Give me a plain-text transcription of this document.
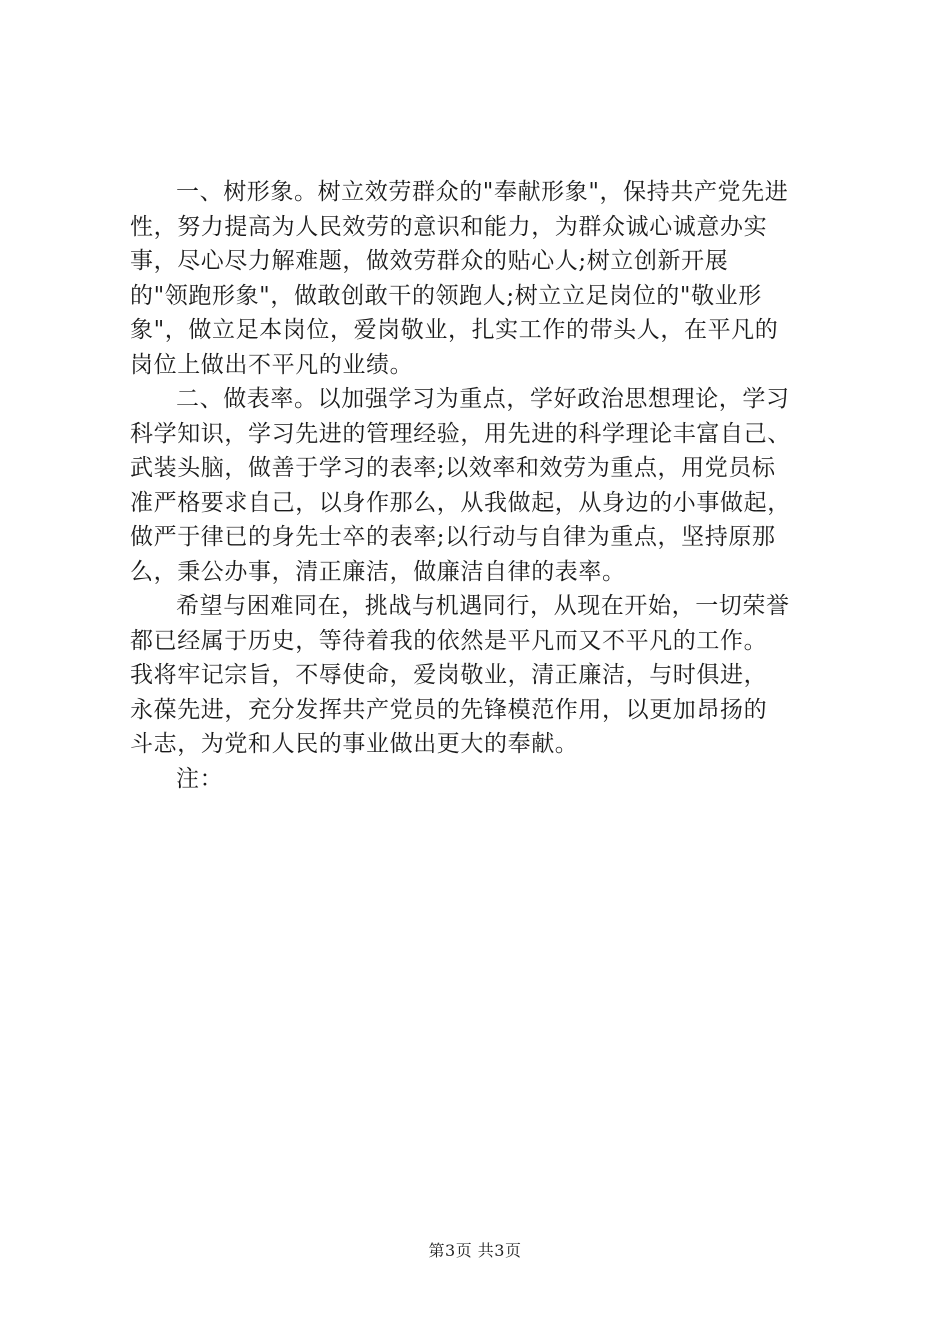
一、树形象。树立效劳群众的"奉献形象"，保持共产党先进
性，努力提高为人民效劳的意识和能力，为群众诚心诚意办实
事，尽心尽力解难题，做效劳群众的贴心人;树立创新开展
的"领跑形象"，做敢创敢干的领跑人;树立立足岗位的"敬业形
象"，做立足本岗位，爱岗敬业，扎实工作的带头人，在平凡的
岗位上做出不平凡的业绩。
二、做表率。以加强学习为重点，学好政治思想理论，学习
科学知识，学习先进的管理经验，用先进的科学理论丰富自己、
武装头脑，做善于学习的表率;以效率和效劳为重点，用党员标
准严格要求自己，以身作那么，从我做起，从身边的小事做起，
做严于律已的身先士卒的表率;以行动与自律为重点，坚持原那
么，秉公办事，清正廉洁，做廉洁自律的表率。
希望与困难同在，挑战与机遇同行，从现在开始，一切荣誉
都已经属于历史，等待着我的依然是平凡而又不平凡的工作。
我将牢记宗旨，不辱使命，爱岗敬业，清正廉洁，与时俱进，
永葆先进，充分发挥共产党员的先锋模范作用，以更加昂扬的
斗志，为党和人民的事业做出更大的奉献。
注：
第3页 共3页
